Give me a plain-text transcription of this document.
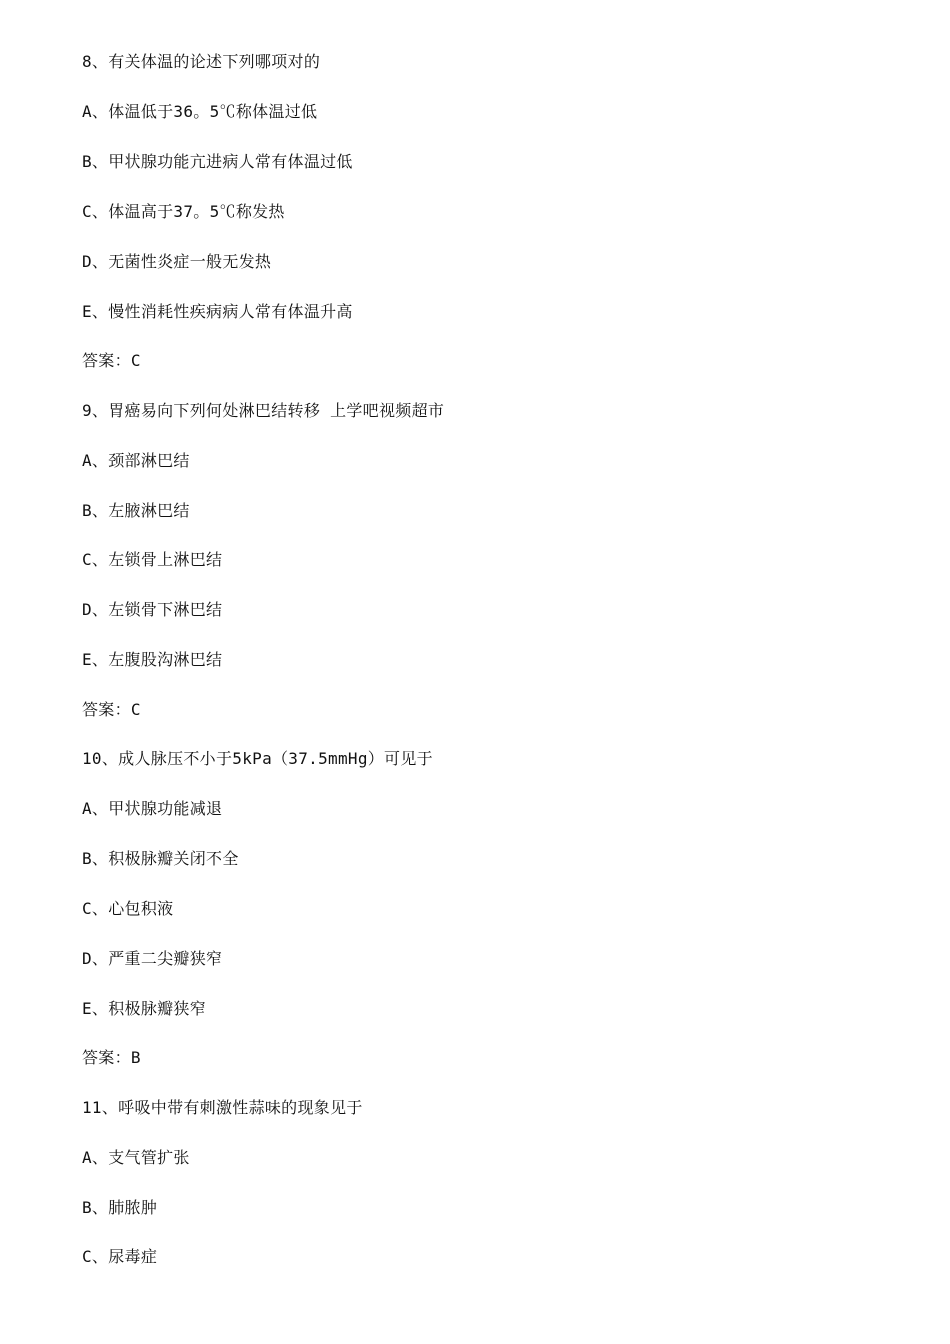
8、有关体温的论述下列哪项对的
A、体温低于36。5℃称体温过低
B、甲状腺功能亢进病人常有体温过低
C、体温高于37。5℃称发热
D、无菌性炎症一般无发热
E、慢性消耗性疾病病人常有体温升高
答案：C
9、胃癌易向下列何处淋巴结转移 上学吧视频超市
A、颈部淋巴结
B、左腋淋巴结
C、左锁骨上淋巴结
D、左锁骨下淋巴结
E、左腹股沟淋巴结
答案：C
10、成人脉压不小于5kPa（37.5mmHg）可见于
A、甲状腺功能减退
B、积极脉瓣关闭不全
C、心包积液
D、严重二尖瓣狭窄
E、积极脉瓣狭窄
答案：B
11、呼吸中带有刺激性蒜味的现象见于
A、支气管扩张
B、肺脓肿
C、尿毒症
